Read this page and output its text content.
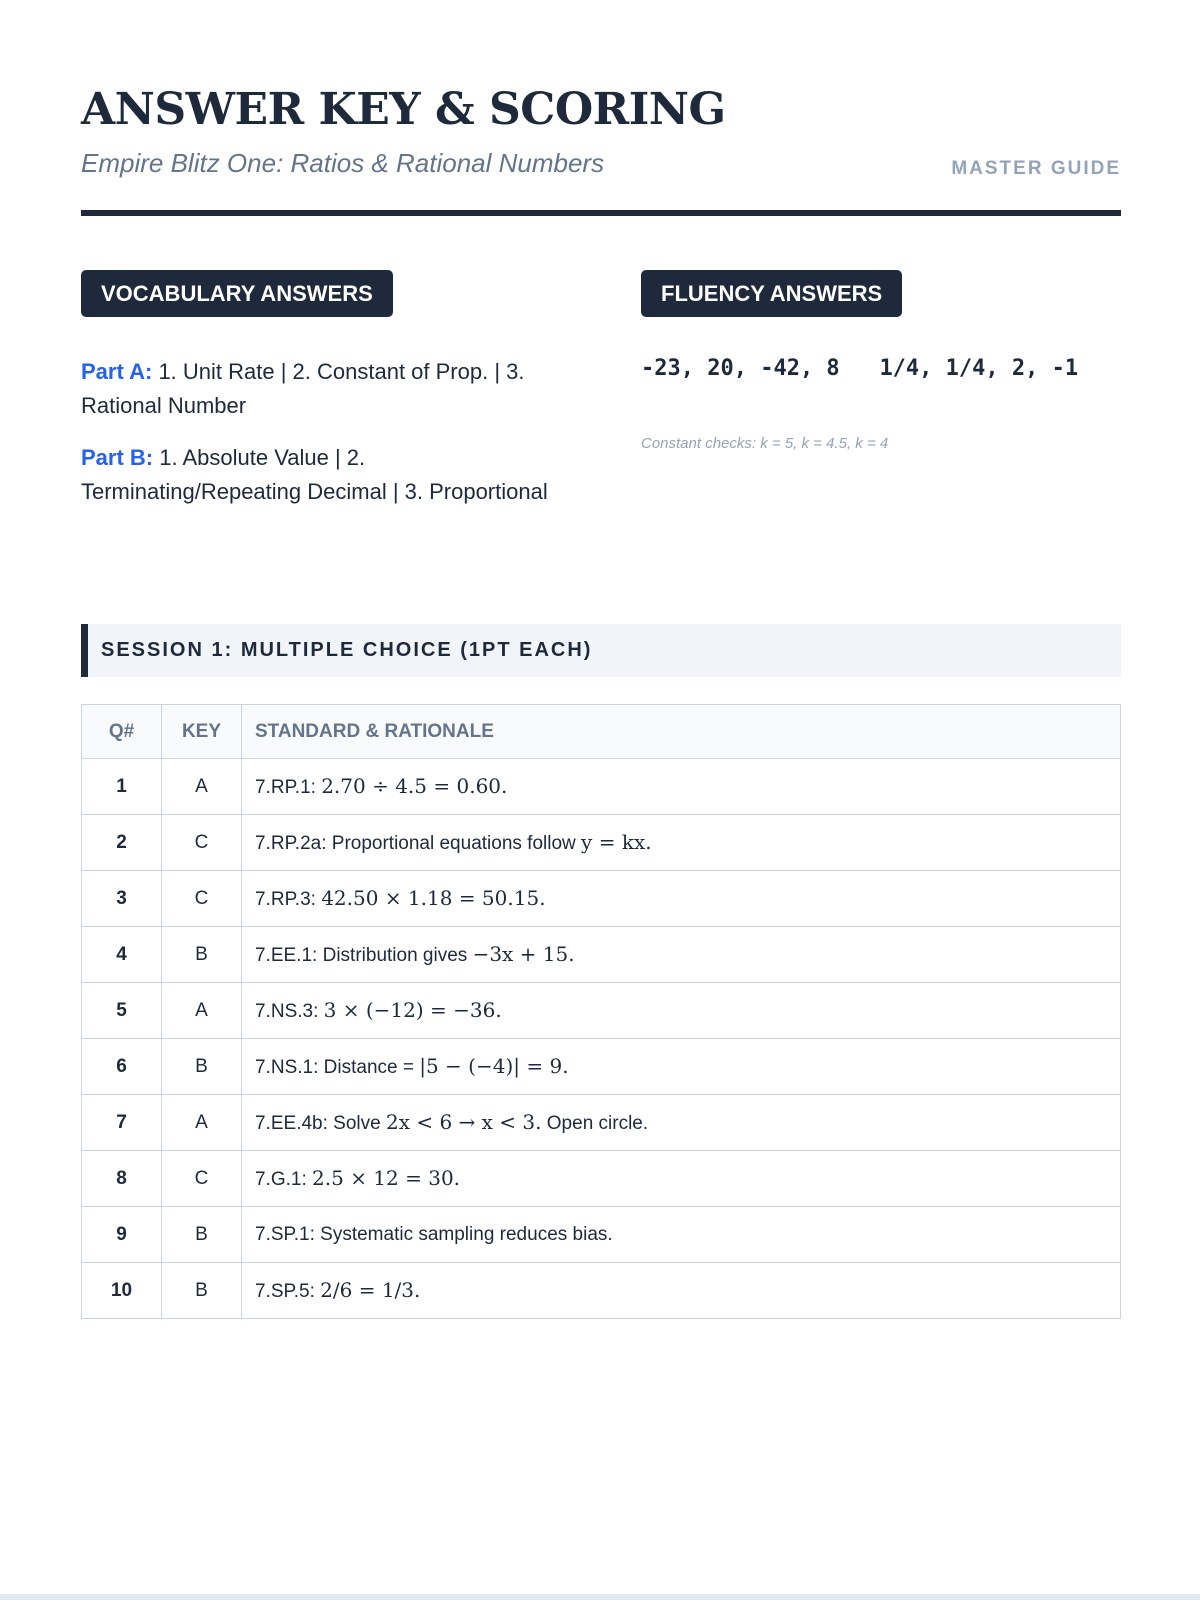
ANSWER KEY & SCORING
Empire Blitz One: Ratios & Rational Numbers	MASTER GUIDE
VOCABULARY ANSWERS	FLUENCY ANSWERS

Part A: 1. Unit Rate | 2. Constant of Prop. | 3. Rational Number

Part B: 1. Absolute Value | 2. Terminating/Repeating Decimal | 3. Proportional

-23, 20, -42, 8 1/4, 1/4, 2, -1
Constant checks: k = 5, k = 4.5, k = 4
SESSION 1: MULTIPLE CHOICE (1PT EACH)
Q#	KEY	STANDARD & RATIONALE
1	A	7.RP.1: 2.70 ÷ 4.5 = 0.60.
2	C	7.RP.2a: Proportional equations follow y = kx.
3	C	7.RP.3: 42.50 × 1.18 = 50.15.
4	B	7.EE.1: Distribution gives −3x + 15.
5	A	7.NS.3: 3 × (−12) = −36.
6	B	7.NS.1: Distance = |5 − (−4)| = 9.
7	A	7.EE.4b: Solve 2x < 6 → x < 3. Open circle.
8	C	7.G.1: 2.5 × 12 = 30.
9	B	7.SP.1: Systematic sampling reduces bias.
10	B	7.SP.5: 2/6 = 1/3.
